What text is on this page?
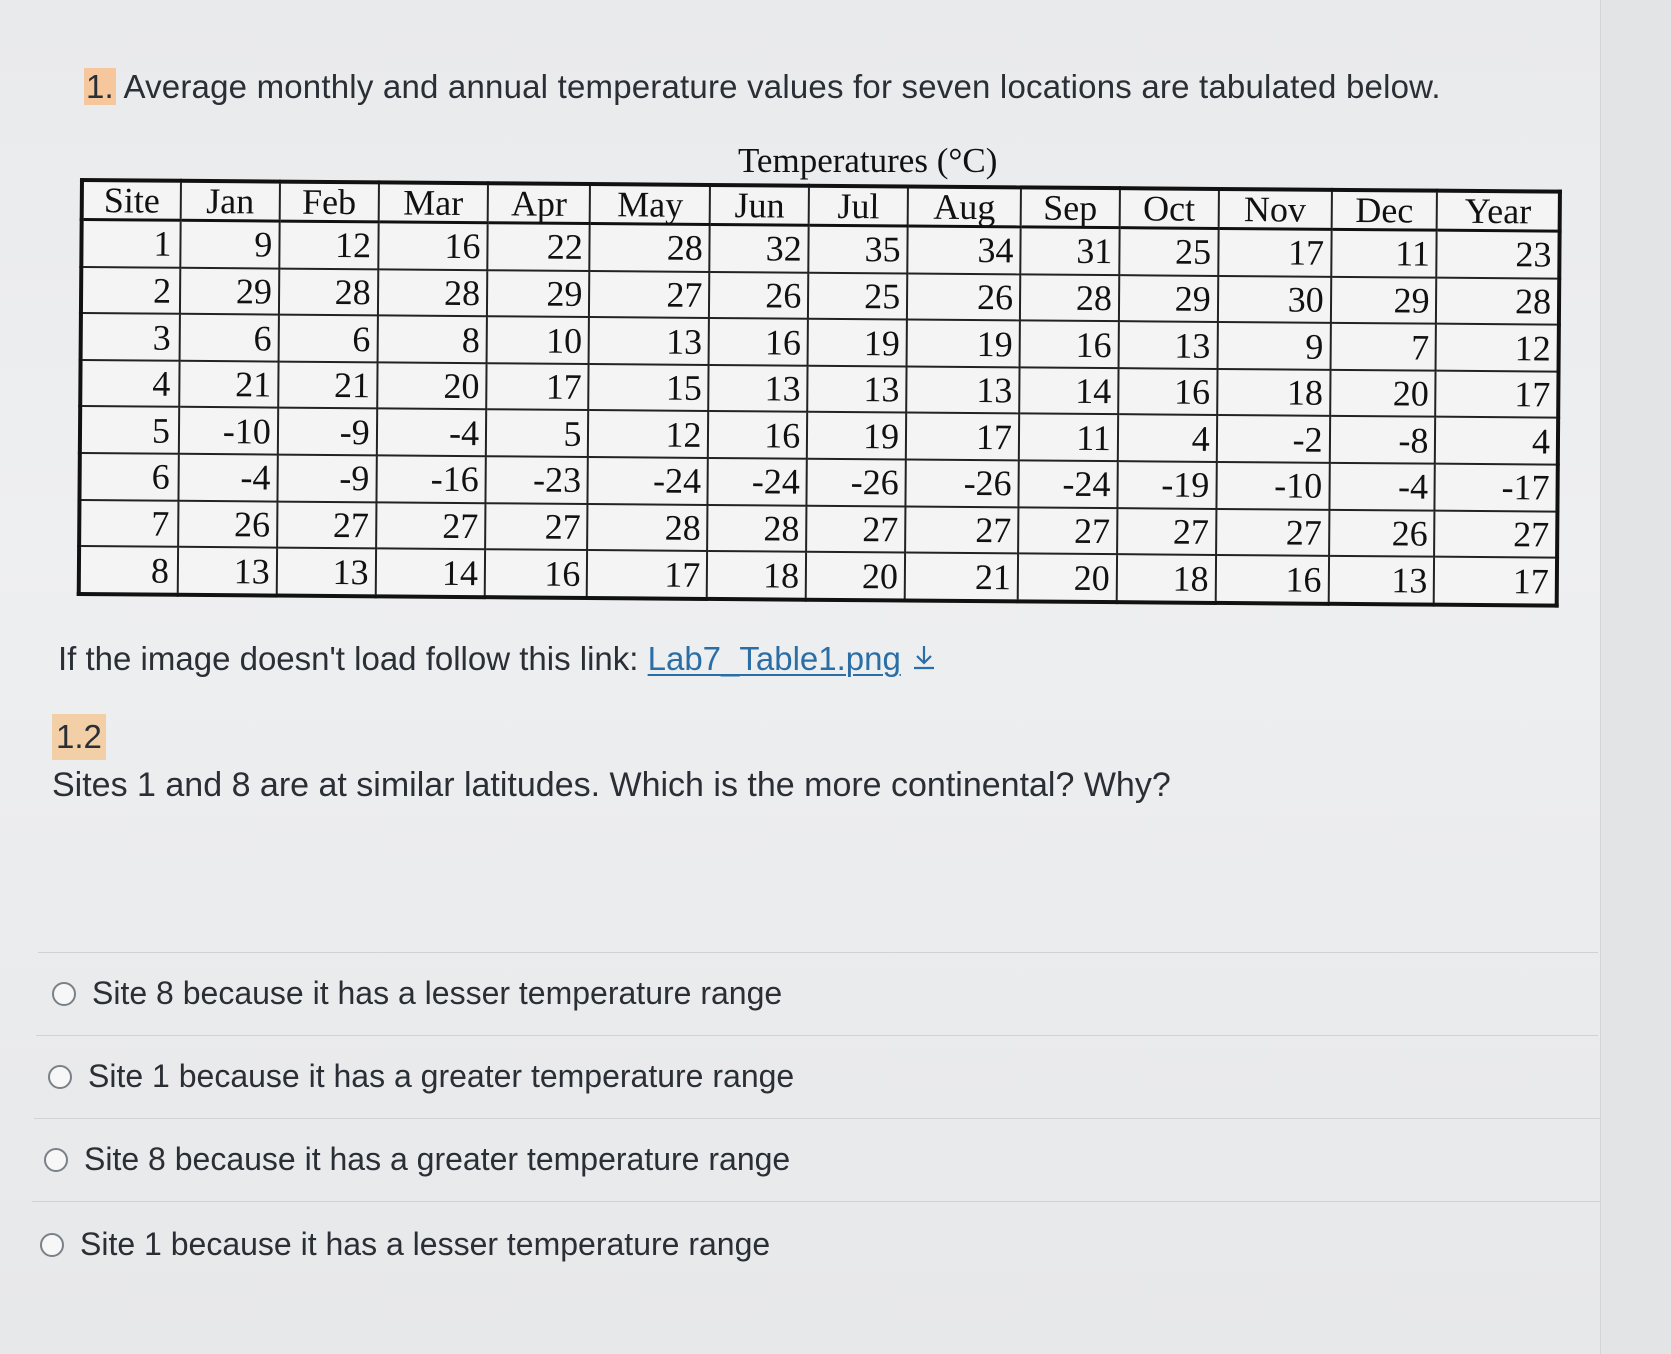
1. Average monthly and annual temperature values for seven locations are tabulated below.
Temperatures (°C)
Site	Jan	Feb	Mar	Apr	May	Jun	Jul	Aug	Sep	Oct	Nov	Dec	Year
1	9	12	16	22	28	32	35	34	31	25	17	11	23
2	29	28	28	29	27	26	25	26	28	29	30	29	28
3	6	6	8	10	13	16	19	19	16	13	9	7	12
4	21	21	20	17	15	13	13	13	14	16	18	20	17
5	-10	-9	-4	5	12	16	19	17	11	4	-2	-8	4
6	-4	-9	-16	-23	-24	-24	-26	-26	-24	-19	-10	-4	-17
7	26	27	27	27	28	28	27	27	27	27	27	26	27
8	13	13	14	16	17	18	20	21	20	18	16	13	17
If the image doesn't load follow this link: Lab7_Table1.png
1.2
Sites 1 and 8 are at similar latitudes. Which is the more continental? Why?
Site 8 because it has a lesser temperature range
Site 1 because it has a greater temperature range
Site 8 because it has a greater temperature range
Site 1 because it has a lesser temperature range
